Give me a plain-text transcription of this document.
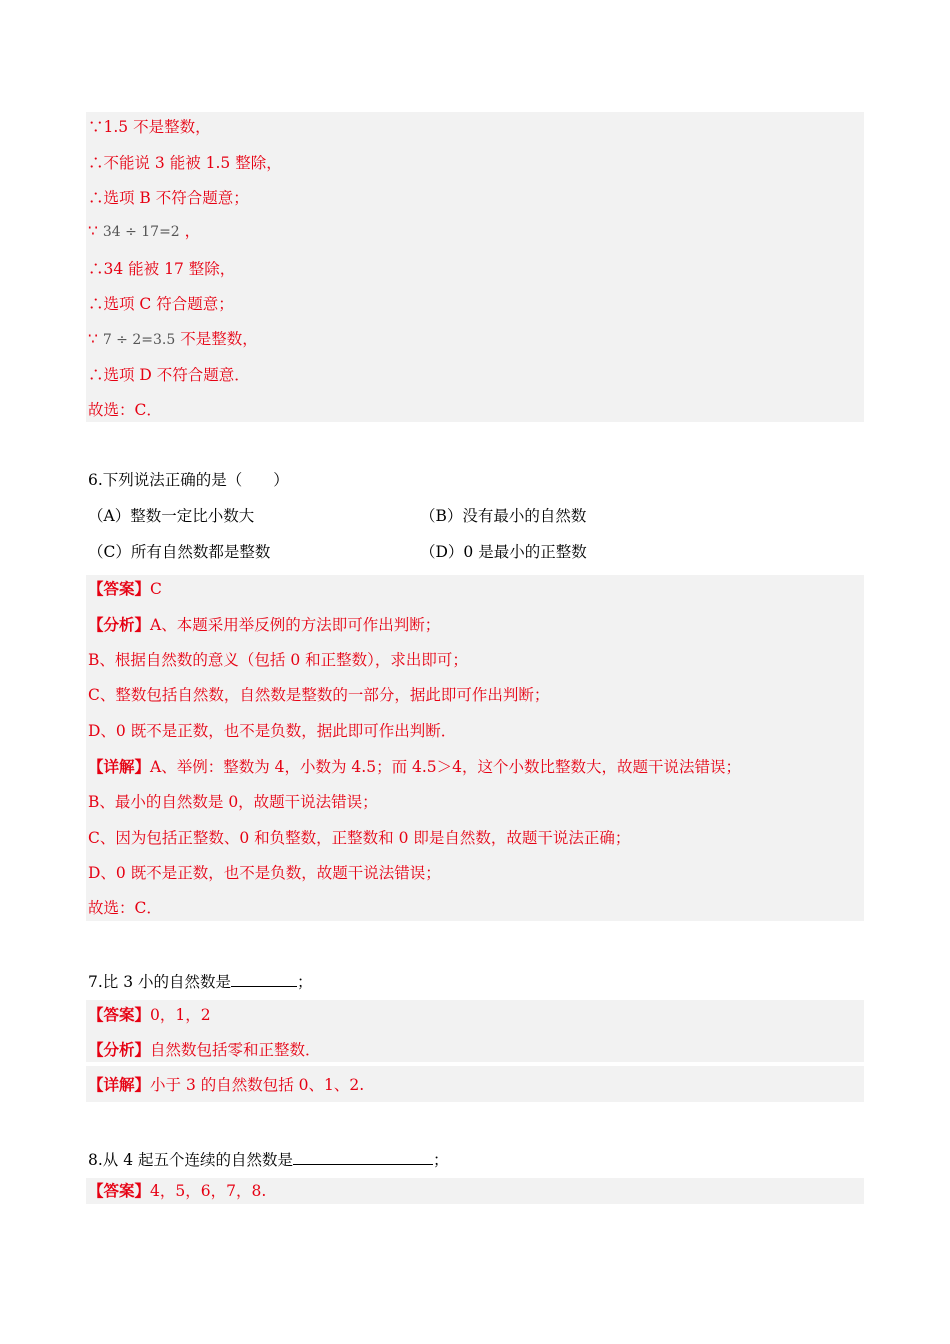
∵1.5 不是整数，
∴不能说 3 能被 1.5 整除，
∴选项 B 不符合题意；
∵ 34 ÷ 17=2 ，
∴34 能被 17 整除，
∴选项 C 符合题意；
∵ 7 ÷ 2=3.5 不是整数，
∴选项 D 不符合题意．
故选：C．
6.下列说法正确的是（　　）
（A）整数一定比小数大	（B）没有最小的自然数
（C）所有自然数都是整数	（D）0 是最小的正整数
【答案】C
【分析】A、本题采用举反例的方法即可作出判断；
B、根据自然数的意义（包括 0 和正整数），求出即可；
C、整数包括自然数，自然数是整数的一部分，据此即可作出判断；
D、0 既不是正数，也不是负数，据此即可作出判断．
【详解】A、举例：整数为 4，小数为 4.5；而 4.5＞4，这个小数比整数大，故题干说法错误；
B、最小的自然数是 0，故题干说法错误；
C、因为包括正整数、0 和负整数，正整数和 0 即是自然数，故题干说法正确；
D、0 既不是正数，也不是负数，故题干说法错误；
故选：C．
7.比 3 小的自然数是	；
【答案】0，1，2
【分析】自然数包括零和正整数．
【详解】小于 3 的自然数包括 0、1、2.
8.从 4 起五个连续的自然数是	；
【答案】4，5，6，7，8.
